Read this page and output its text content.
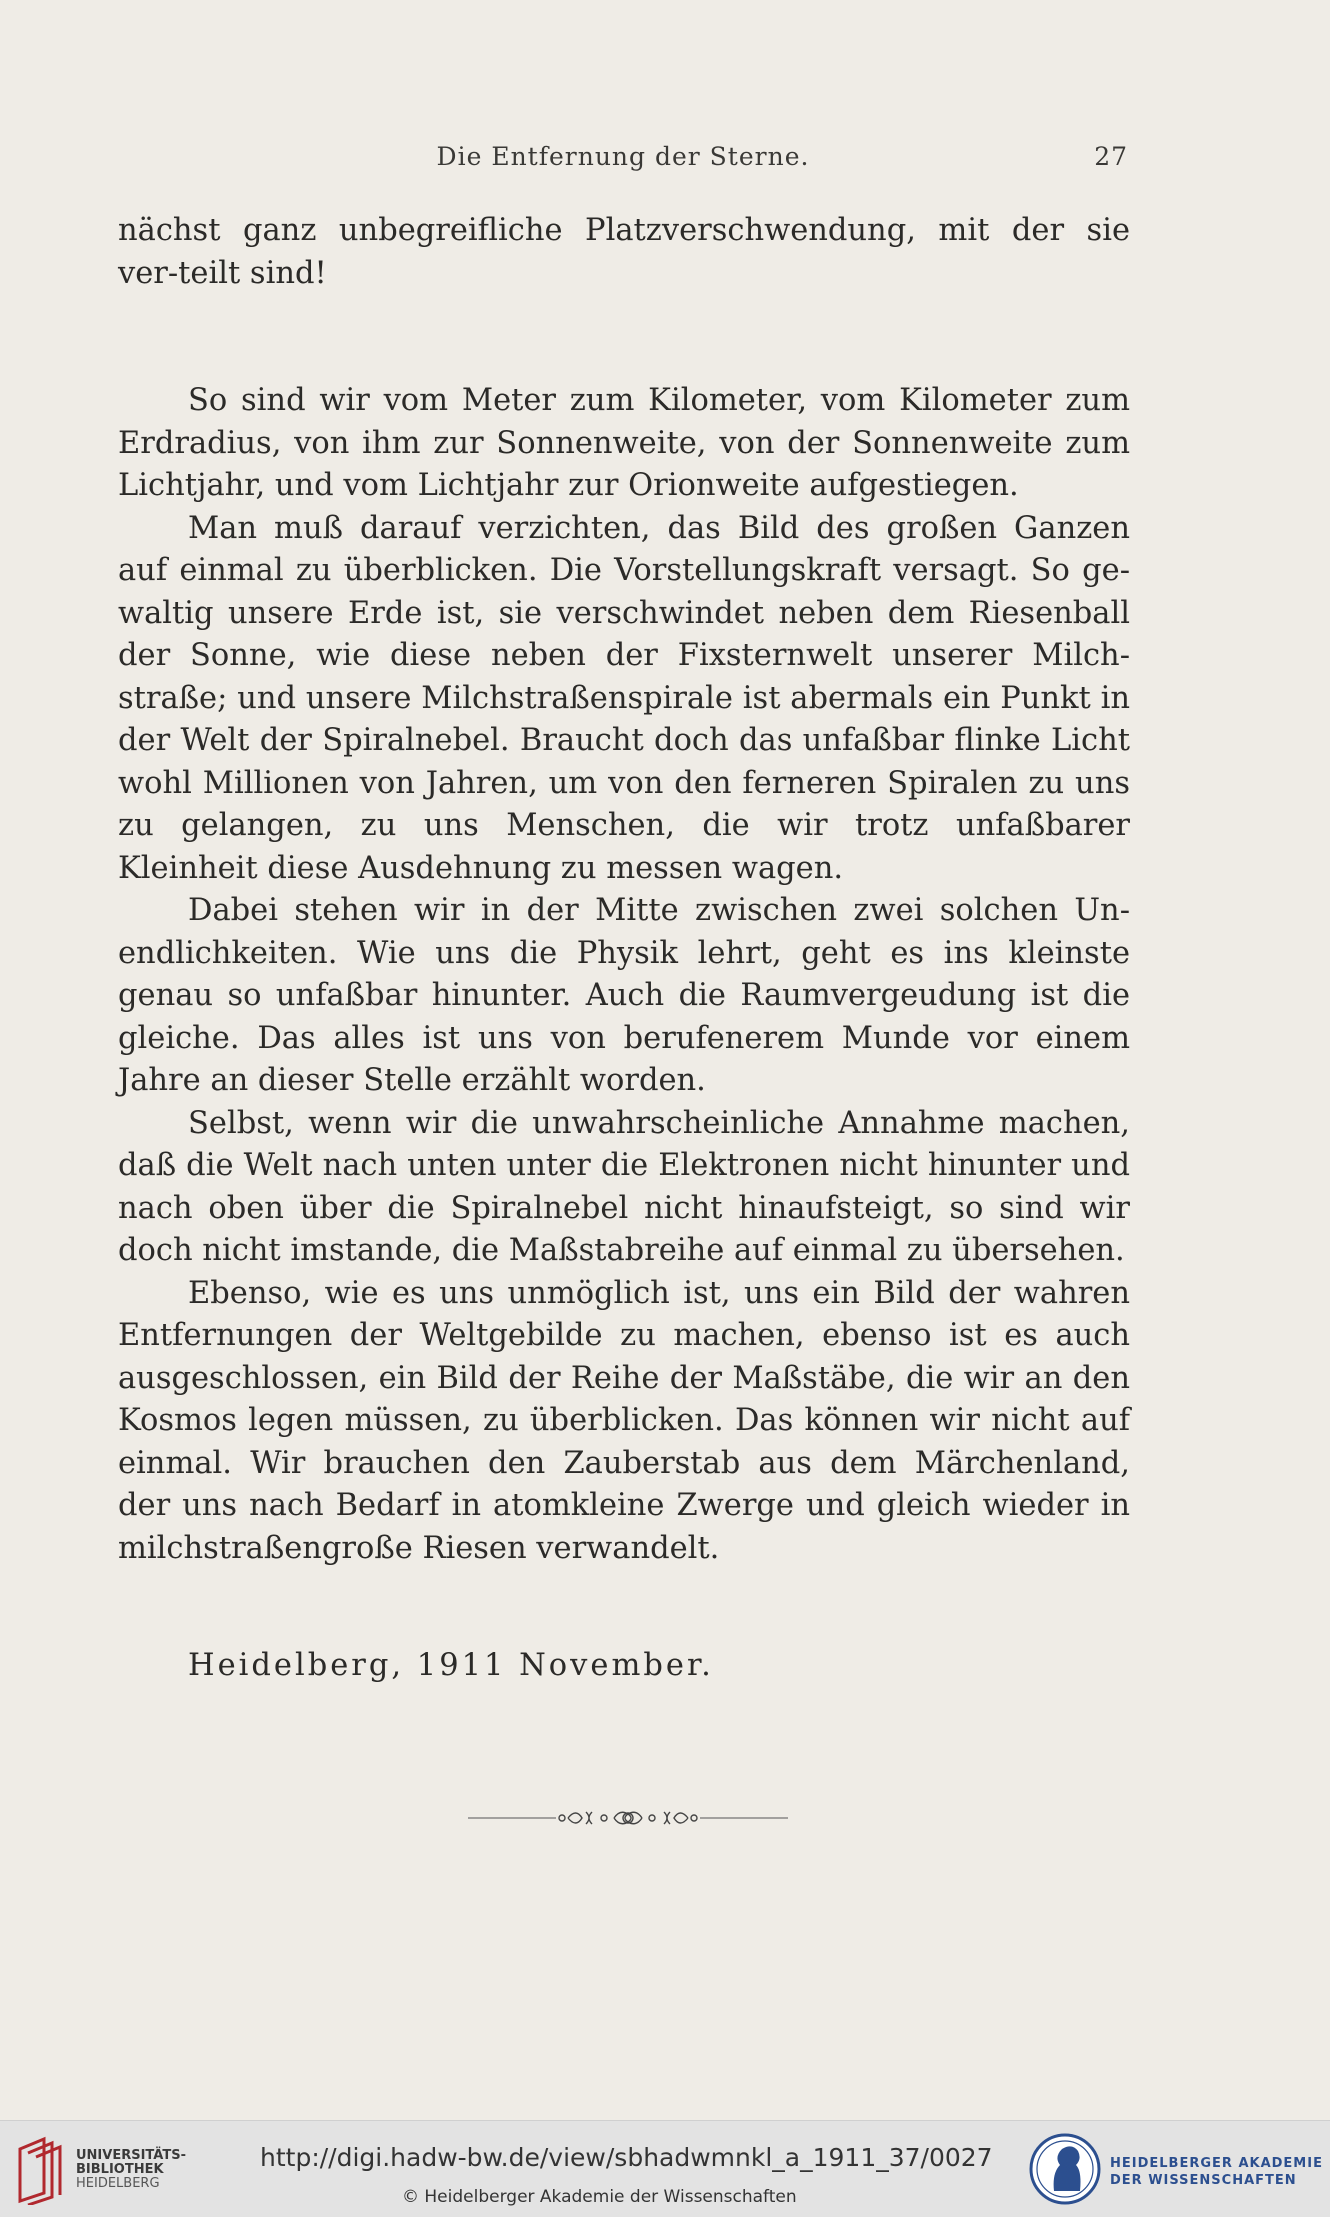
Die Entfernung der Sterne.	27

nächst ganz unbegreifliche Platzverschwendung, mit der sie ver-teilt sind!

So sind wir vom Meter zum Kilometer, vom Kilometer zum Erdradius, von ihm zur Sonnenweite, von der Sonnenweite zum Lichtjahr, und vom Lichtjahr zur Orionweite aufgestiegen.

Man muß darauf verzichten, das Bild des großen Ganzen auf einmal zu überblicken. Die Vorstellungskraft versagt. So gewaltig unsere Erde ist, sie verschwindet neben dem Riesenball der Sonne, wie diese neben der Fixsternwelt unserer Milchstraße; und unsere Milchstraßenspirale ist abermals ein Punkt in der Welt der Spiralnebel. Braucht doch das unfaßbar flinke Licht wohl Millionen von Jahren, um von den ferneren Spiralen zu uns zu gelangen, zu uns Menschen, die wir trotz unfaßbarer Kleinheit diese Ausdehnung zu messen wagen.

Dabei stehen wir in der Mitte zwischen zwei solchen Unendlichkeiten. Wie uns die Physik lehrt, geht es ins kleinste genau so unfaßbar hinunter. Auch die Raumvergeudung ist die gleiche. Das alles ist uns von berufenerem Munde vor einem Jahre an dieser Stelle erzählt worden.

Selbst, wenn wir die unwahrscheinliche Annahme machen, daß die Welt nach unten unter die Elektronen nicht hinunter und nach oben über die Spiralnebel nicht hinaufsteigt, so sind wir doch nicht imstande, die Maßstabreihe auf einmal zu übersehen.

Ebenso, wie es uns unmöglich ist, uns ein Bild der wahren Entfernungen der Weltgebilde zu machen, ebenso ist es auch ausgeschlossen, ein Bild der Reihe der Maßstäbe, die wir an den Kosmos legen müssen, zu überblicken. Das können wir nicht auf einmal. Wir brauchen den Zauberstab aus dem Märchenland, der uns nach Bedarf in atomkleine Zwerge und gleich wieder in milchstraßengroße Riesen verwandelt.

Heidelberg, 1911 November.
UNIVERSITÄTS-
BIBLIOTHEK
HEIDELBERG
http://digi.hadw-bw.de/view/sbhadwmnkl_a_1911_37/0027
© Heidelberger Akademie der Wissenschaften
HEIDELBERGER AKADEMIE
DER WISSENSCHAFTEN
